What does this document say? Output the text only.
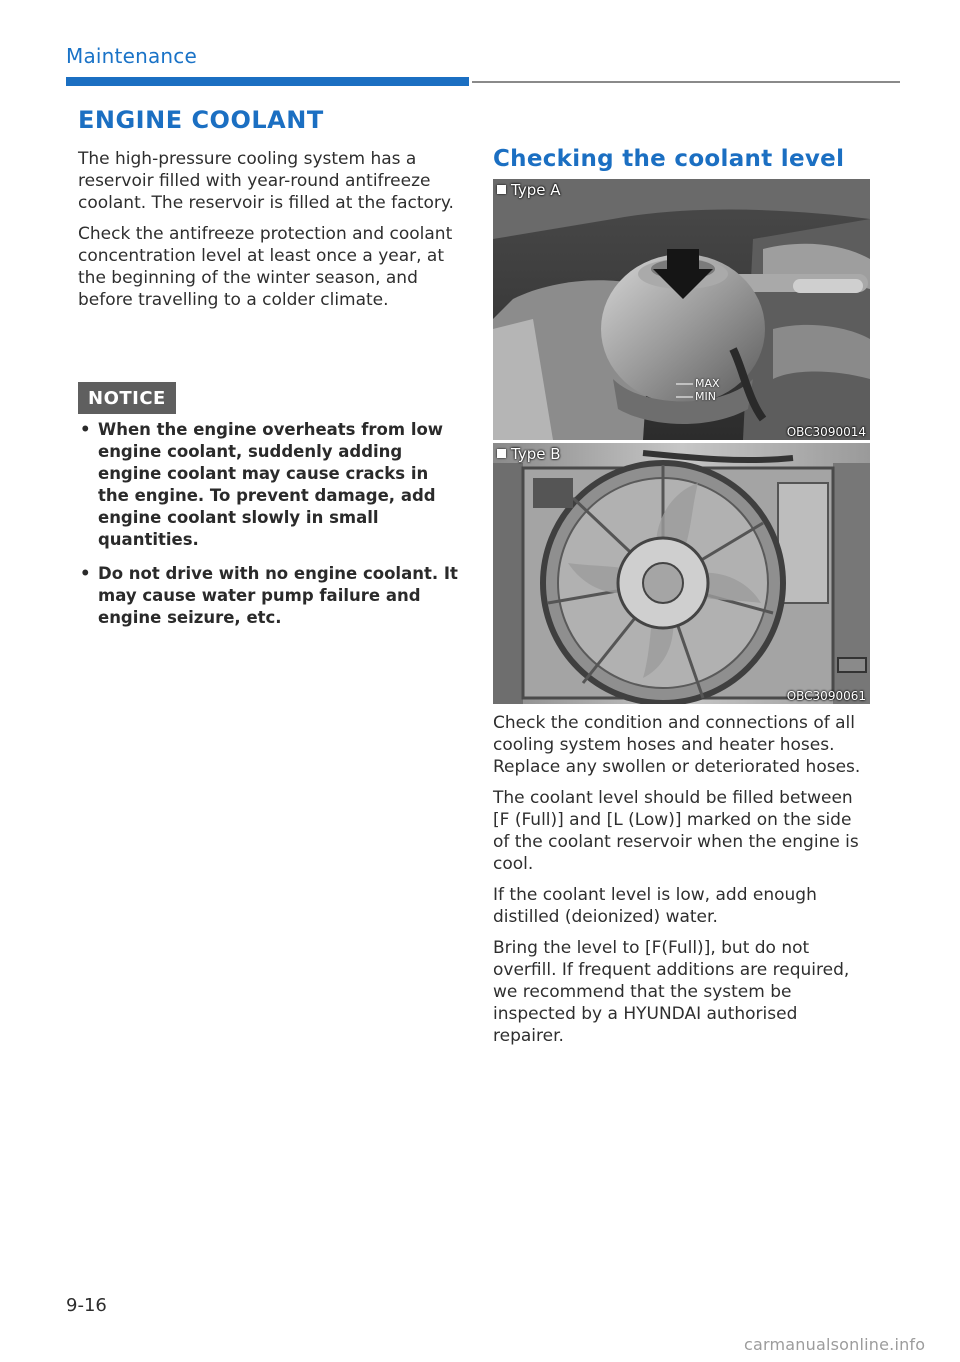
Maintenance
ENGINE COOLANT

The high-pressure cooling system has a reservoir filled with year-round antifreeze coolant. The reservoir is filled at the factory.

Check the antifreeze protection and coolant concentration level at least once a year, at the beginning of the winter season, and before travelling to a colder climate.

NOTICE
• When the engine overheats from low engine coolant, suddenly adding engine coolant may cause cracks in the engine. To prevent damage, add engine coolant slowly in small quantities.
• Do not drive with no engine coolant. It may cause water pump failure and engine seizure, etc.
Checking the coolant level
Type A
MAX
MIN
OBC3090014
Type B
OBC3090061

Check the condition and connections of all cooling system hoses and heater hoses. Replace any swollen or deteriorated hoses.

The coolant level should be filled between [F (Full)] and [L (Low)] marked on the side of the coolant reservoir when the engine is cool.

If the coolant level is low, add enough distilled (deionized) water.

Bring the level to [F(Full)], but do not overfill. If frequent additions are required, we recommend that the system be inspected by a HYUNDAI authorised repairer.

9-16
carmanualsonline.info
